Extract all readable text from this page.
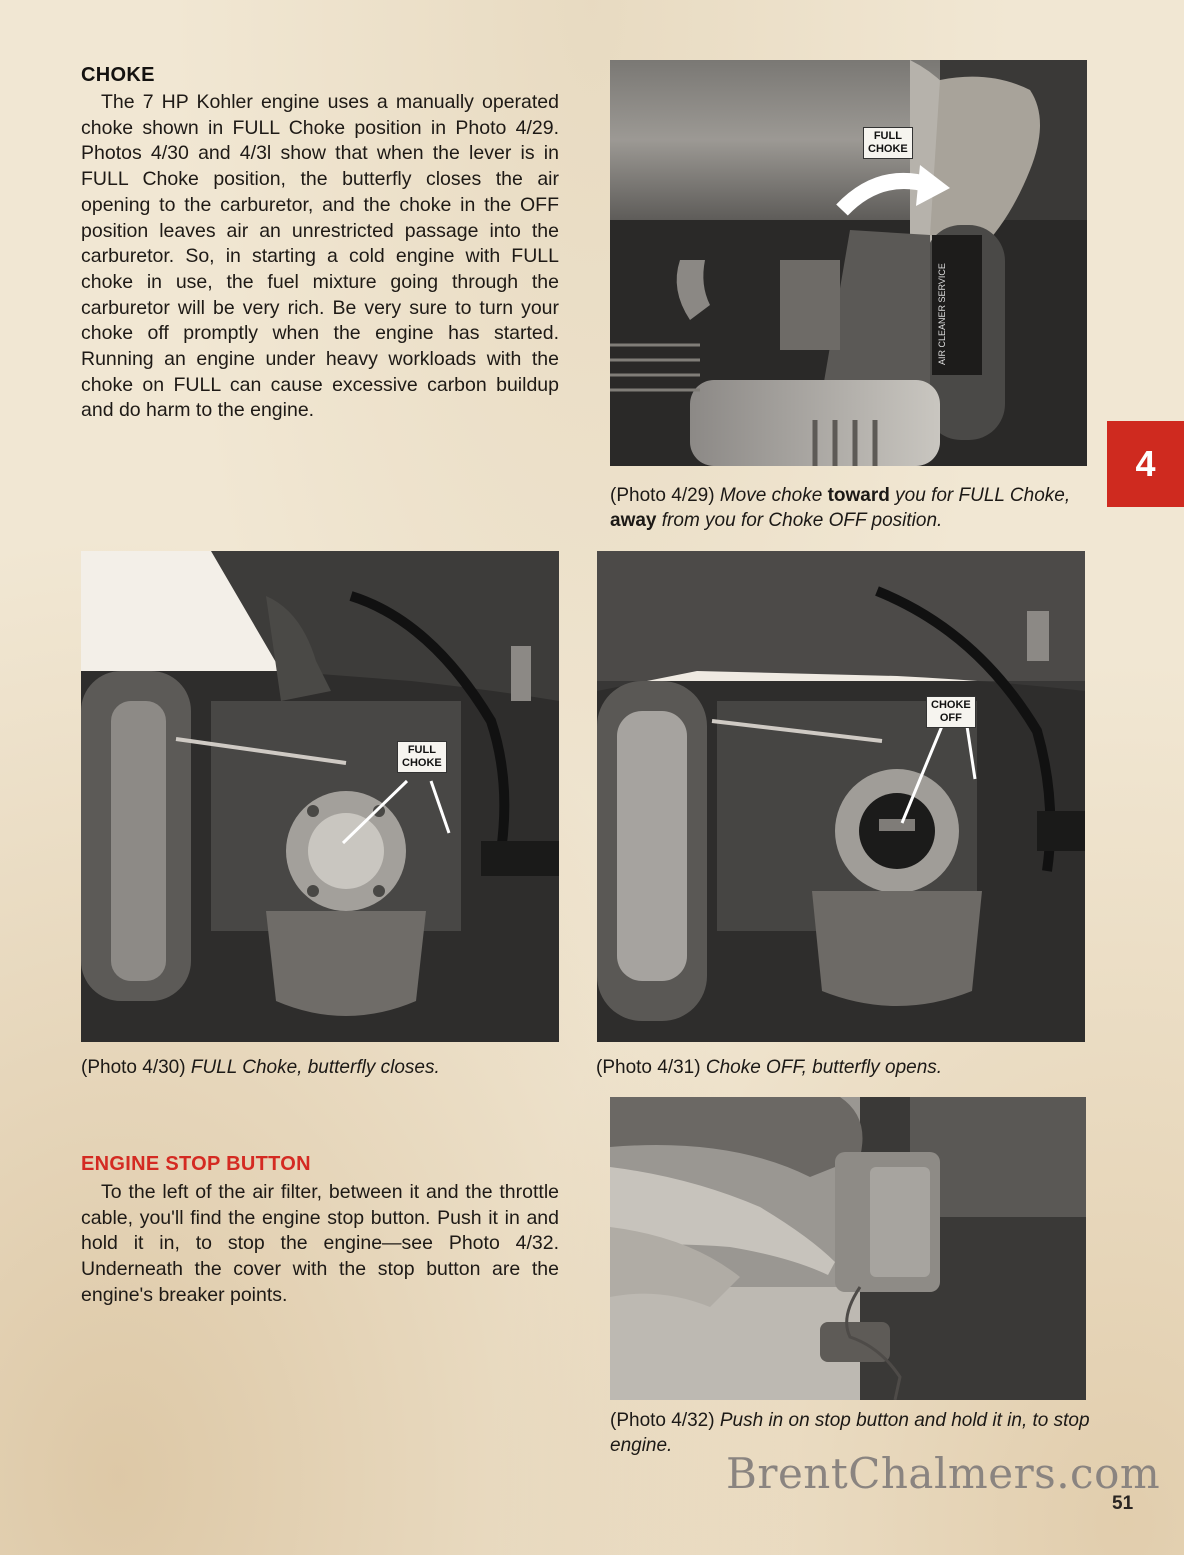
CHOKE

The 7 HP Kohler engine uses a manually operated choke shown in FULL Choke position in Photo 4/29. Photos 4/30 and 4/3l show that when the lever is in FULL Choke position, the butterfly closes the air opening to the carburetor, and the choke in the OFF position leaves air an unrestricted passage into the carburetor. So, in starting a cold engine with FULL choke in use, the fuel mixture going through the carburetor will be very rich. Be very sure to turn your choke off promptly when the engine has started. Running an engine under heavy workloads with the choke on FULL can cause excessive carbon buildup and do harm to the engine.

FULL
CHOKE
AIR CLEANER SERVICE
(Photo 4/29) Move choke toward you for FULL Choke, away from you for Choke OFF position.
4
FULL
CHOKE
(Photo 4/30) FULL Choke, butterfly closes.
CHOKE
OFF
(Photo 4/31) Choke OFF, butterfly opens.
ENGINE STOP BUTTON

To the left of the air filter, between it and the throttle cable, you'll find the engine stop button. Push it in and hold it in, to stop the engine—see Photo 4/32. Underneath the cover with the stop button are the engine's breaker points.

(Photo 4/32) Push in on stop button and hold it in, to stop engine.
BrentChalmers.com
51
